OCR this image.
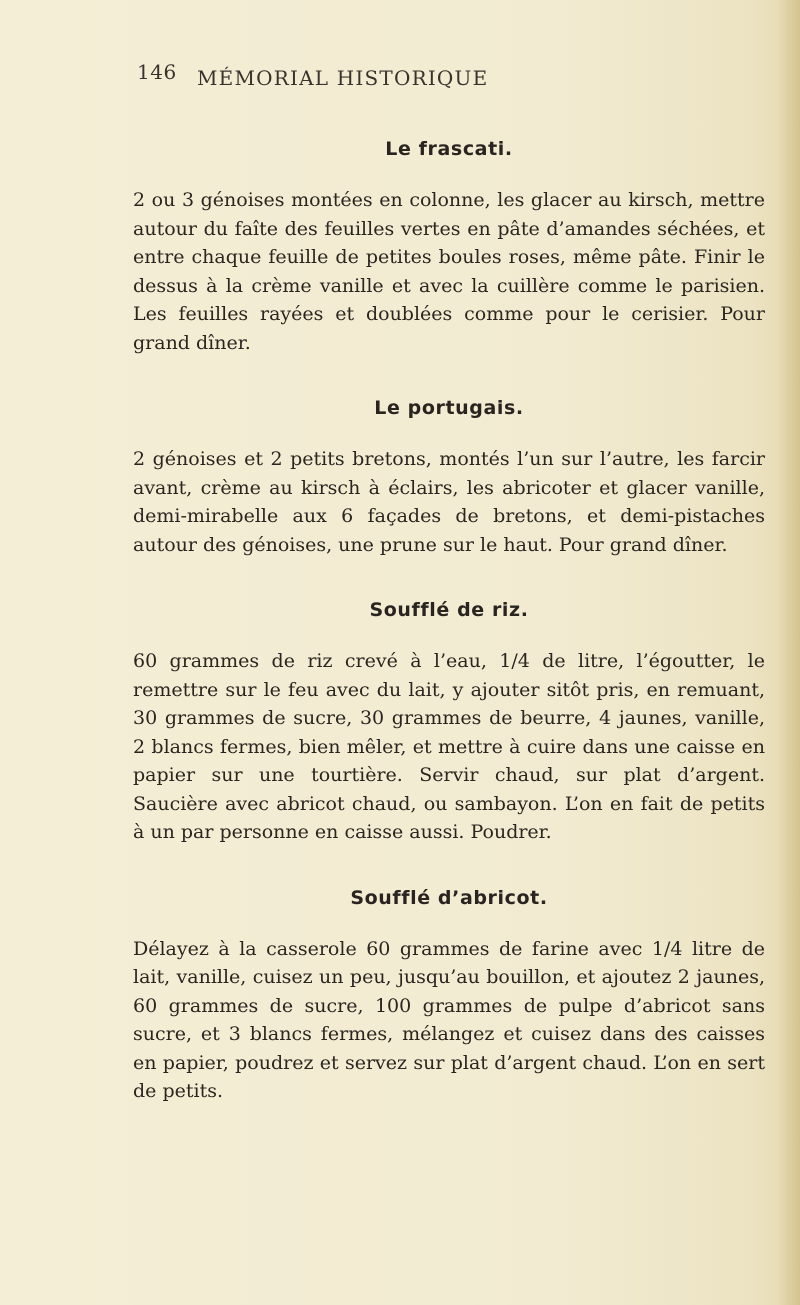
146 MÉMORIAL HISTORIQUE

Le frascati.

2 ou 3 génoises montées en colonne, les glacer au kirsch, mettre autour du faîte des feuilles vertes en pâte d’amandes séchées, et entre chaque feuille de petites boules roses, même pâte. Finir le dessus à la crème vanille et avec la cuillère comme le parisien. Les feuilles rayées et doublées comme pour le cerisier. Pour grand dîner.

Le portugais.

2 génoises et 2 petits bretons, montés l’un sur l’autre, les farcir avant, crème au kirsch à éclairs, les abricoter et glacer vanille, demi-mirabelle aux 6 façades de bretons, et demi-pistaches autour des génoises, une prune sur le haut. Pour grand dîner.

Soufflé de riz.

60 grammes de riz crevé à l’eau, 1/4 de litre, l’égoutter, le remettre sur le feu avec du lait, y ajouter sitôt pris, en remuant, 30 grammes de sucre, 30 grammes de beurre, 4 jaunes, vanille, 2 blancs fermes, bien mêler, et mettre à cuire dans une caisse en papier sur une tourtière. Servir chaud, sur plat d’argent. Saucière avec abricot chaud, ou sambayon. L’on en fait de petits à un par personne en caisse aussi. Poudrer.

Soufflé d’abricot.

Délayez à la casserole 60 grammes de farine avec 1/4 litre de lait, vanille, cuisez un peu, jusqu’au bouillon, et ajoutez 2 jaunes, 60 grammes de sucre, 100 grammes de pulpe d’abricot sans sucre, et 3 blancs fermes, mélangez et cuisez dans des caisses en papier, poudrez et servez sur plat d’argent chaud. L’on en sert de petits.
